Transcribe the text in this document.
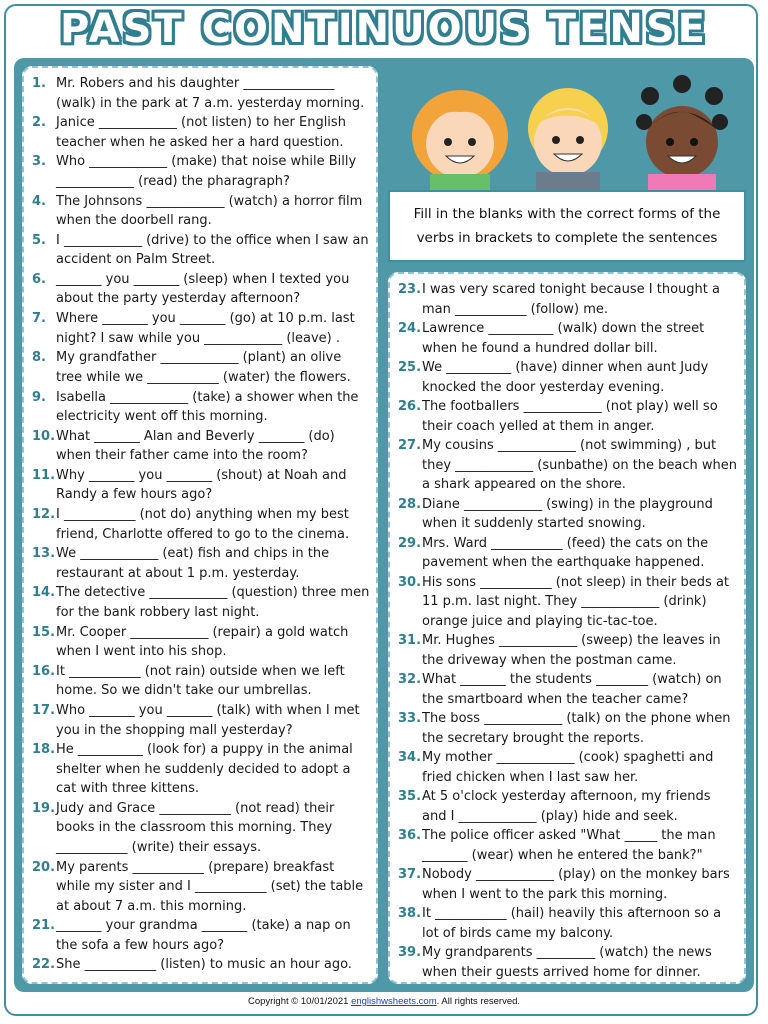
PAST CONTINUOUS TENSE
1. Mr. Robers and his daughter ______________ (walk) in the park at 7 a.m. yesterday morning.
2. Janice ____________ (not listen) to her English teacher when he asked her a hard question.
3. Who ____________ (make) that noise while Billy ____________ (read) the pharagraph?
4. The Johnsons ____________ (watch) a horror film when the doorbell rang.
5. I ____________ (drive) to the office when I saw an accident on Palm Street.
6. _______ you _______ (sleep) when I texted you about the party yesterday afternoon?
7. Where _______ you _______ (go) at 10 p.m. last night? I saw while you ____________ (leave) .
8. My grandfather ____________ (plant) an olive tree while we ___________ (water) the flowers.
9. Isabella ____________ (take) a shower when the electricity went off this morning.
10. What _______ Alan and Beverly _______ (do) when their father came into the room?
11. Why _______ you _______ (shout) at Noah and Randy a few hours ago?
12. I ___________ (not do) anything when my best friend, Charlotte offered to go to the cinema.
13. We ____________ (eat) fish and chips in the restaurant at about 1 p.m. yesterday.
14. The detective ____________ (question) three men for the bank robbery last night.
15. Mr. Cooper ____________ (repair) a gold watch when I went into his shop.
16. It ___________ (not rain) outside when we left home. So we didn't take our umbrellas.
17. Who _______ you _______ (talk) with when I met you in the shopping mall yesterday?
18. He __________ (look for) a puppy in the animal shelter when he suddenly decided to adopt a cat with three kittens.
19. Judy and Grace ___________ (not read) their books in the classroom this morning. They ___________ (write) their essays.
20. My parents ___________ (prepare) breakfast while my sister and I ___________ (set) the table at about 7 a.m. this morning.
21. _______ your grandma _______ (take) a nap on the sofa a few hours ago?
22. She ___________ (listen) to music an hour ago.
Fill in the blanks with the correct forms of the verbs in brackets to complete the sentences
23. I was very scared tonight because I thought a man ___________ (follow) me.
24. Lawrence __________ (walk) down the street when he found a hundred dollar bill.
25. We __________ (have) dinner when aunt Judy knocked the door yesterday evening.
26. The footballers ____________ (not play) well so their coach yelled at them in anger.
27. My cousins ____________ (not swimming) , but they ____________ (sunbathe) on the beach when a shark appeared on the shore.
28. Diane ____________ (swing) in the playground when it suddenly started snowing.
29. Mrs. Ward ___________ (feed) the cats on the pavement when the earthquake happened.
30. His sons ___________ (not sleep) in their beds at 11 p.m. last night. They ____________ (drink) orange juice and playing tic-tac-toe.
31. Mr. Hughes ____________ (sweep) the leaves in the driveway when the postman came.
32. What _______ the students ________ (watch) on the smartboard when the teacher came?
33. The boss ____________ (talk) on the phone when the secretary brought the reports.
34. My mother ____________ (cook) spaghetti and fried chicken when I last saw her.
35. At 5 o'clock yesterday afternoon, my friends and I ____________ (play) hide and seek.
36. The police officer asked "What _____ the man _______ (wear) when he entered the bank?"
37. Nobody ____________ (play) on the monkey bars when I went to the park this morning.
38. It ___________ (hail) heavily this afternoon so a lot of birds came my balcony.
39. My grandparents _________ (watch) the news when their guests arrived home for dinner.
Copyright © 10/01/2021 englishwsheets.com. All rights reserved.
